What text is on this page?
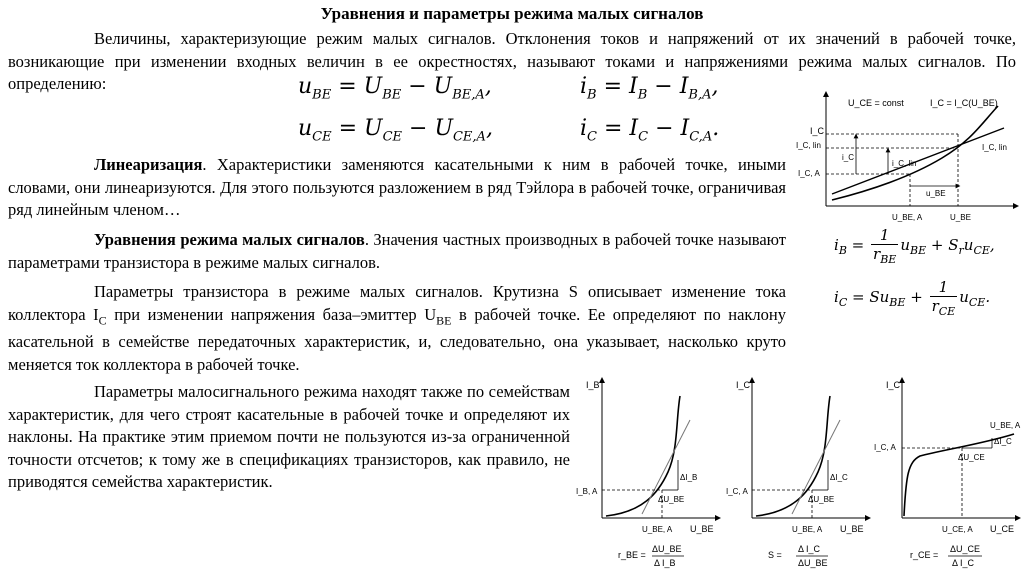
Уравнения и параметры режима малых сигналов

Величины, характеризующие режим малых сигналов. Отклонения токов и напряжений от их значений в рабочей точке, возникающие при изменении входных величин в ее окрестностях, называют токами и напряжениями режима малых сигналов. По определению:	$u_{BE} = U_{BE} - U_{BE,A}$,	$i_B = I_B - I_{B,A}$,
$u_{CE} = U_{CE} - U_{CE,A}$,	$i_C = I_C - I_{C,A}$.

Линеаризация. Характеристики заменяются касательными к ним в рабочей точке, иными словами, они линеаризуются. Для этого пользуются разложением в ряд Тэйлора в рабочей точке, ограничивая ряд линейным членом…

Уравнения режима малых сигналов. Значения частных производных в рабочей точке называют параметрами транзистора в режиме малых сигналов.

Параметры транзистора в режиме малых сигналов. Крутизна S описывает изменение тока коллектора $I_C$ при изменении напряжения база–эмиттер $U_{BE}$ в рабочей точке. Ее определяют по наклону касательной в семействе передаточных характеристик, и, следовательно, она указывает, насколько круто меняется ток коллектора в рабочей точке.

Параметры малосигнального режима находят также по семействам характеристик, для чего строят касательные в рабочей точке и определяют их наклоны. На практике этим приемом почти не пользуются из-за ограниченной точности отсчетов; к тому же в спецификациях транзисторов, как правило, не приводятся семейства характеристик.

$i_B = \frac{1}{r_{BE}} u_{BE} + S_ru_{CE}$,
$i_C = Su_{BE} + \frac{1}{r_{CE}} u_{CE}$.
U_CE = const	I_C = I_C(U_BE)
I_C
I_C, lin
i_C
i_C, lin
I_C, A
u_BE
U_BE, A	U_BE
I_C, lin
I_B
I_B, A
U_BE, A U_BE
ΔI_B
ΔU_BE
r_BE =
ΔU_BE
Δ I_B
I_C
I_C, A
U_BE, A U_BE
ΔI_C
ΔU_BE
S =
Δ I_C
ΔU_BE
I_C
I_C, A
U_CE, A U_CE
U_BE, A
ΔI_C
ΔU_CE
r_CE =
ΔU_CE
Δ I_C
